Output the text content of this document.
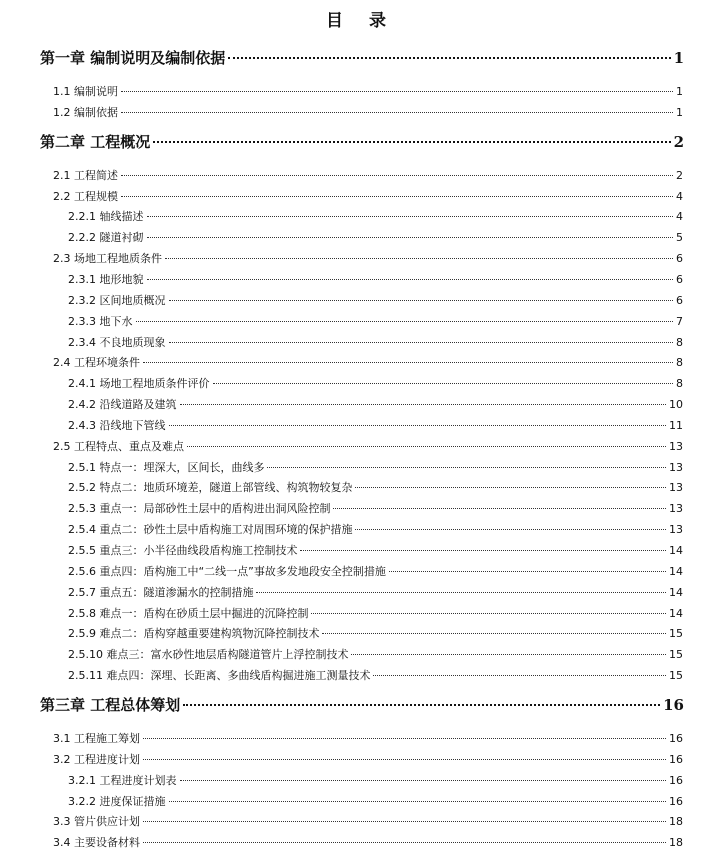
目 录
第一章 编制说明及编制依据	1
1.1 编制说明	1
1.2 编制依据	1
第二章 工程概况	2
2.1 工程简述	2
2.2 工程规模	4
2.2.1 轴线描述	4
2.2.2 隧道衬砌	5
2.3 场地工程地质条件	6
2.3.1 地形地貌	6
2.3.2 区间地质概况	6
2.3.3 地下水	7
2.3.4 不良地质现象	8
2.4 工程环境条件	8
2.4.1 场地工程地质条件评价	8
2.4.2 沿线道路及建筑	10
2.4.3 沿线地下管线	11
2.5 工程特点、重点及难点	13
2.5.1 特点一：埋深大，区间长，曲线多	13
2.5.2 特点二：地质环境差，隧道上部管线、构筑物较复杂	13
2.5.3 重点一：局部砂性土层中的盾构进出洞风险控制	13
2.5.4 重点二：砂性土层中盾构施工对周围环境的保护措施	13
2.5.5 重点三：小半径曲线段盾构施工控制技术	14
2.5.6 重点四：盾构施工中“二线一点”事故多发地段安全控制措施	14
2.5.7 重点五：隧道渗漏水的控制措施	14
2.5.8 难点一：盾构在砂质土层中掘进的沉降控制	14
2.5.9 难点二：盾构穿越重要建构筑物沉降控制技术	15
2.5.10 难点三：富水砂性地层盾构隧道管片上浮控制技术	15
2.5.11 难点四：深埋、长距离、多曲线盾构掘进施工测量技术	15
第三章 工程总体筹划	16
3.1 工程施工筹划	16
3.2 工程进度计划	16
3.2.1 工程进度计划表	16
3.2.2 进度保证措施	16
3.3 管片供应计划	18
3.4 主要设备材料	18
